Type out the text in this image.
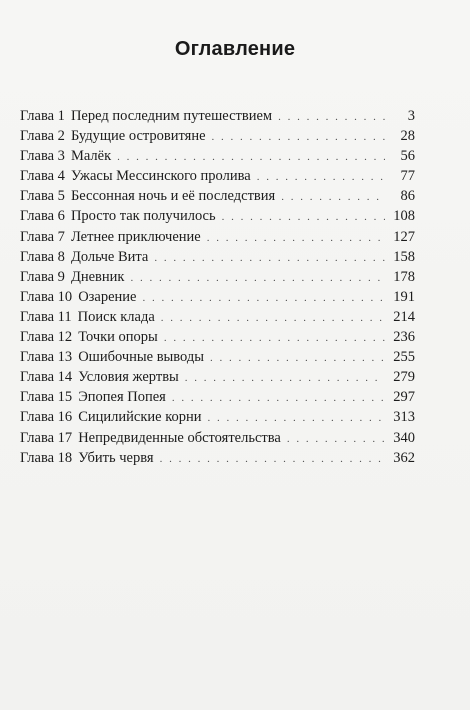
Оглавление
Глава 1 Перед последним путешествием . . .	3
Глава 2 Будущие островитяне . . .	28
Глава 3 Малёк . . .	56
Глава 4 Ужасы Мессинского пролива . . .	77
Глава 5 Бессонная ночь и её последствия . . .	86
Глава 6 Просто так получилось . . .	108
Глава 7 Летнее приключение . . .	127
Глава 8 Дольче Вита . . .	158
Глава 9 Дневник . . .	178
Глава 10 Озарение . . .	191
Глава 11 Поиск клада . . .	214
Глава 12 Точки опоры . . .	236
Глава 13 Ошибочные выводы . . .	255
Глава 14 Условия жертвы . . .	279
Глава 15 Эпопея Попея . . .	297
Глава 16 Сицилийские корни . . .	313
Глава 17 Непредвиденные обстоятельства . . .	340
Глава 18 Убить червя . . .	362
